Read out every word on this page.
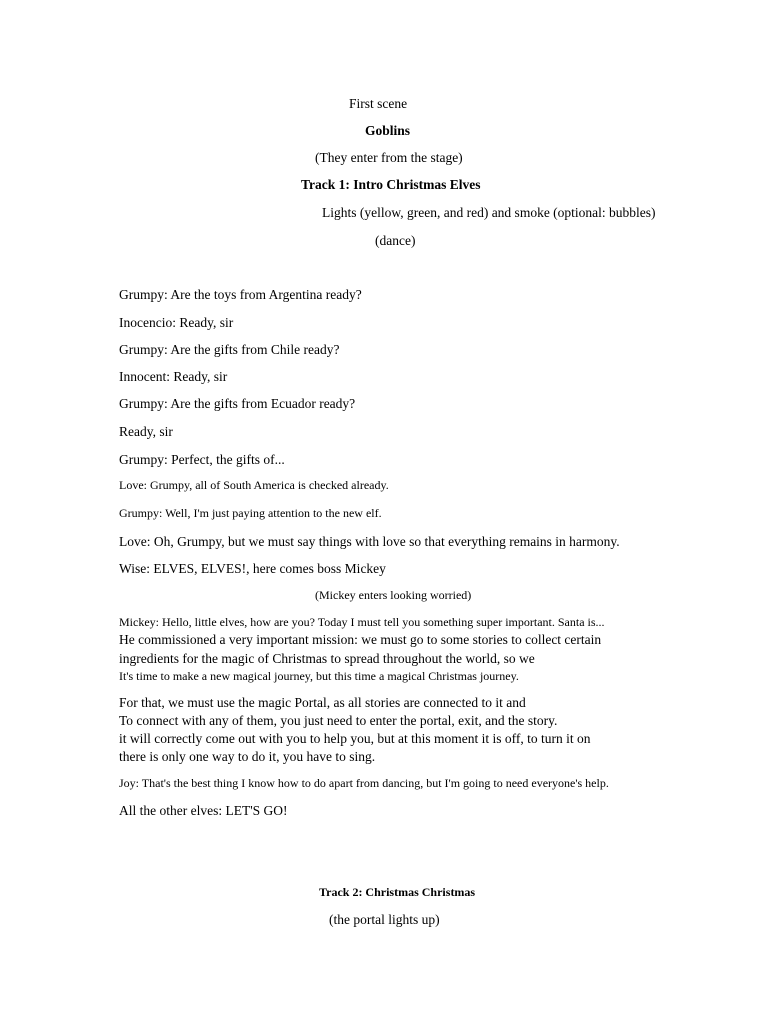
First scene
Goblins
(They enter from the stage)
Track 1: Intro Christmas Elves
Lights (yellow, green, and red) and smoke (optional: bubbles)
(dance)
Grumpy: Are the toys from Argentina ready?
Inocencio: Ready, sir
Grumpy: Are the gifts from Chile ready?
Innocent: Ready, sir
Grumpy: Are the gifts from Ecuador ready?
Ready, sir
Grumpy: Perfect, the gifts of...
Love: Grumpy, all of South America is checked already.
Grumpy: Well, I'm just paying attention to the new elf.
Love: Oh, Grumpy, but we must say things with love so that everything remains in harmony.
Wise: ELVES, ELVES!, here comes boss Mickey
(Mickey enters looking worried)
Mickey: Hello, little elves, how are you? Today I must tell you something super important. Santa is...
He commissioned a very important mission: we must go to some stories to collect certain
ingredients for the magic of Christmas to spread throughout the world, so we
It's time to make a new magical journey, but this time a magical Christmas journey.
For that, we must use the magic Portal, as all stories are connected to it and
To connect with any of them, you just need to enter the portal, exit, and the story.
it will correctly come out with you to help you, but at this moment it is off, to turn it on
there is only one way to do it, you have to sing.
Joy: That's the best thing I know how to do apart from dancing, but I'm going to need everyone's help.
All the other elves: LET'S GO!
Track 2: Christmas Christmas
(the portal lights up)
